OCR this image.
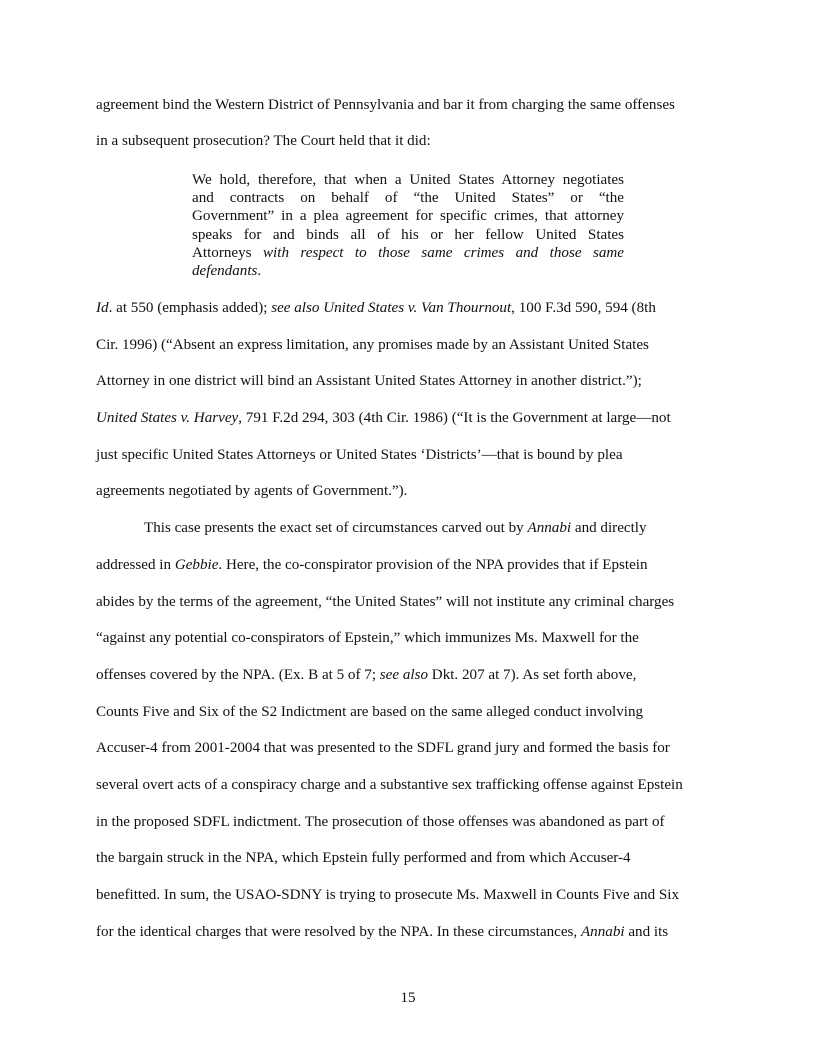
agreement bind the Western District of Pennsylvania and bar it from charging the same offenses
in a subsequent prosecution? The Court held that it did:
We hold, therefore, that when a United States Attorney negotiates
and contracts on behalf of “the United States” or “the
Government” in a plea agreement for specific crimes, that attorney
speaks for and binds all of his or her fellow United States
Attorneys with respect to those same crimes and those same
defendants.
Id. at 550 (emphasis added); see also United States v. Van Thournout, 100 F.3d 590, 594 (8th
Cir. 1996) (“Absent an express limitation, any promises made by an Assistant United States
Attorney in one district will bind an Assistant United States Attorney in another district.”);
United States v. Harvey, 791 F.2d 294, 303 (4th Cir. 1986) (“It is the Government at large—not
just specific United States Attorneys or United States ‘Districts’—that is bound by plea
agreements negotiated by agents of Government.”).
This case presents the exact set of circumstances carved out by Annabi and directly
addressed in Gebbie. Here, the co-conspirator provision of the NPA provides that if Epstein
abides by the terms of the agreement, “the United States” will not institute any criminal charges
“against any potential co-conspirators of Epstein,” which immunizes Ms. Maxwell for the
offenses covered by the NPA. (Ex. B at 5 of 7; see also Dkt. 207 at 7). As set forth above,
Counts Five and Six of the S2 Indictment are based on the same alleged conduct involving
Accuser-4 from 2001-2004 that was presented to the SDFL grand jury and formed the basis for
several overt acts of a conspiracy charge and a substantive sex trafficking offense against Epstein
in the proposed SDFL indictment. The prosecution of those offenses was abandoned as part of
the bargain struck in the NPA, which Epstein fully performed and from which Accuser-4
benefitted. In sum, the USAO-SDNY is trying to prosecute Ms. Maxwell in Counts Five and Six
for the identical charges that were resolved by the NPA. In these circumstances, Annabi and its
15
